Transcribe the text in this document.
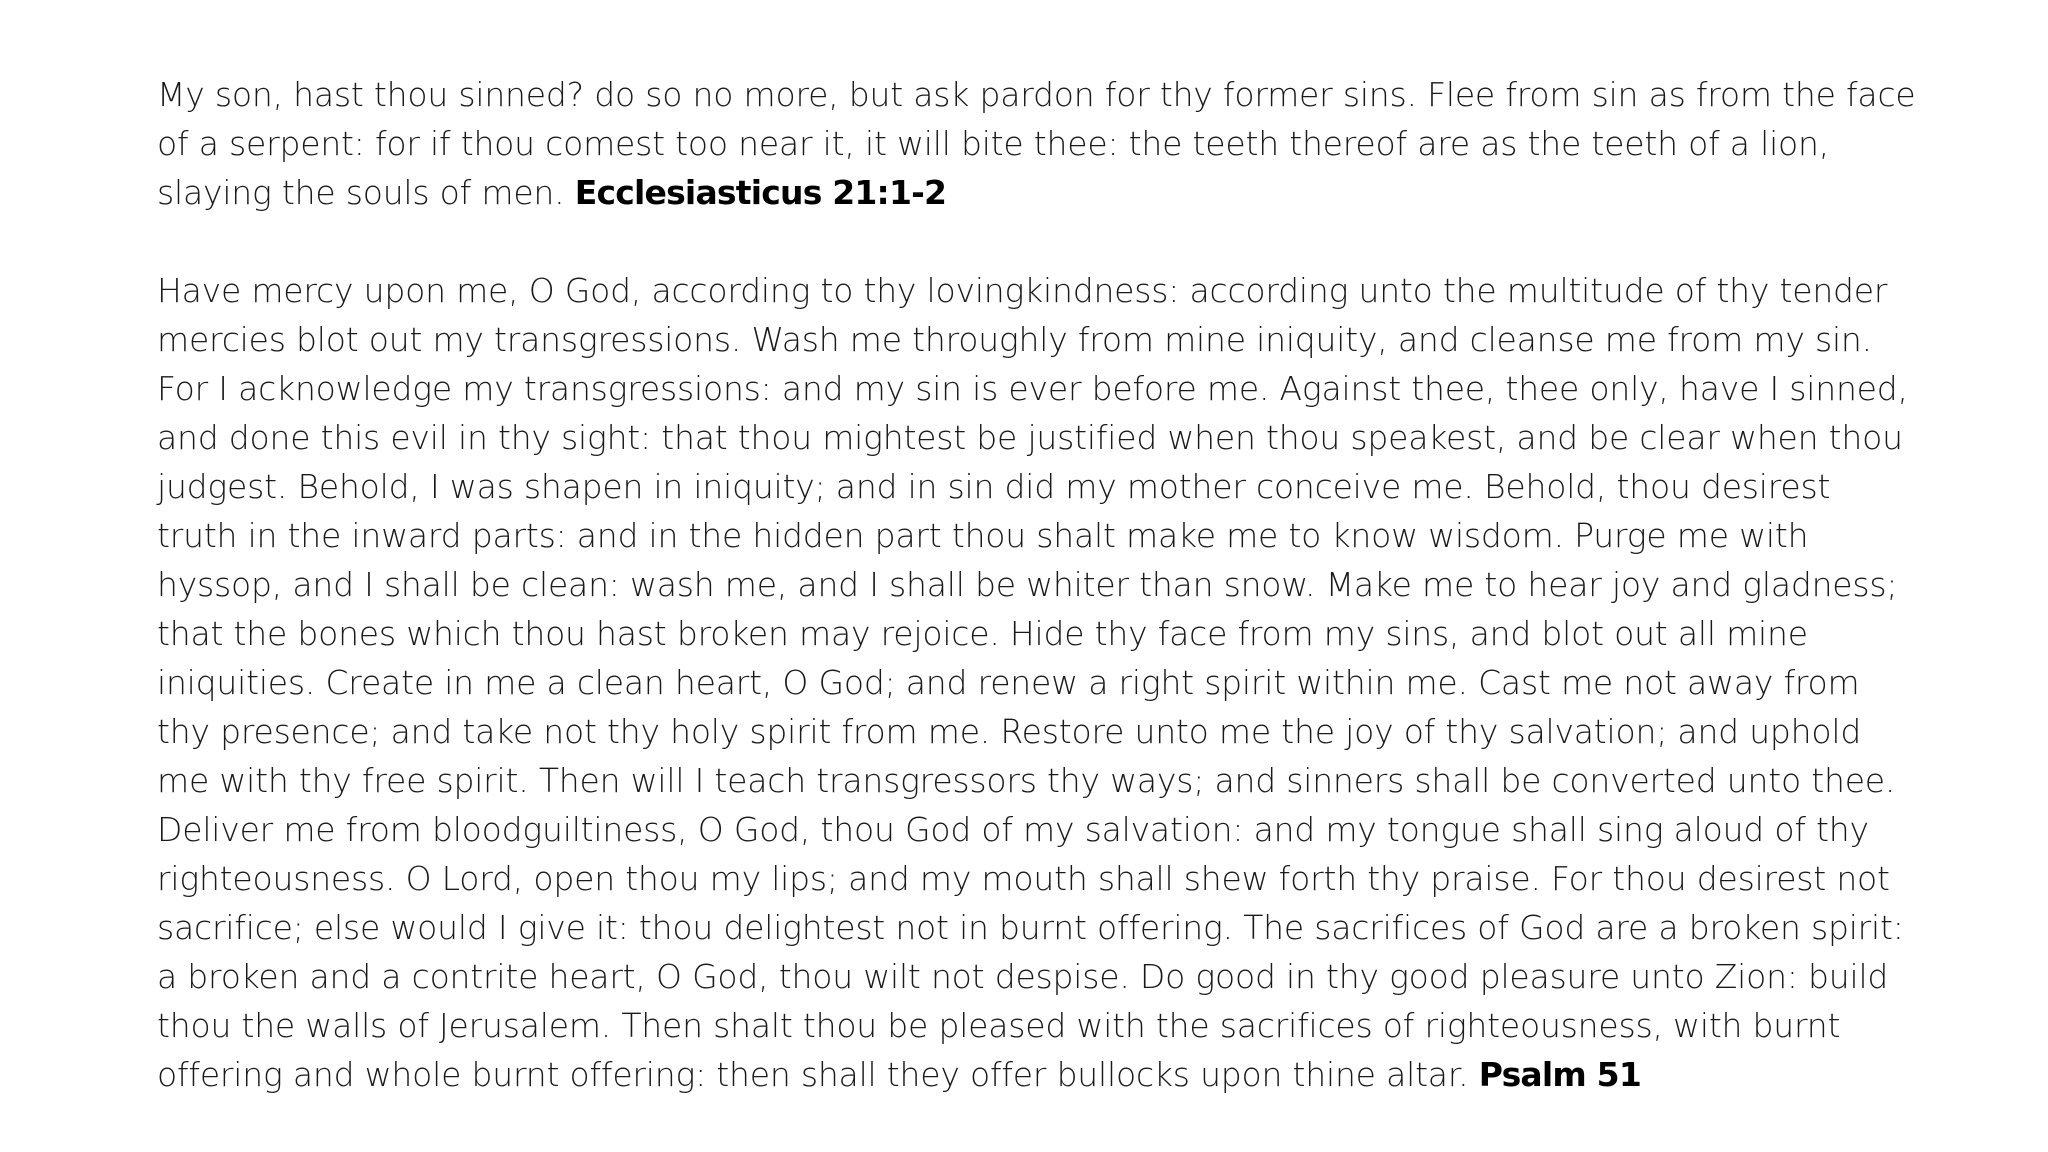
My son, hast thou sinned? do so no more, but ask pardon for thy former sins. Flee from sin as from the face of a serpent: for if thou comest too near it, it will bite thee: the teeth thereof are as the teeth of a lion, slaying the souls of men. Ecclesiasticus 21:1-2

Have mercy upon me, O God, according to thy lovingkindness: according unto the multitude of thy tender mercies blot out my transgressions. Wash me throughly from mine iniquity, and cleanse me from my sin. For I acknowledge my transgressions: and my sin is ever before me. Against thee, thee only, have I sinned, and done this evil in thy sight: that thou mightest be justified when thou speakest, and be clear when thou judgest. Behold, I was shapen in iniquity; and in sin did my mother conceive me. Behold, thou desirest truth in the inward parts: and in the hidden part thou shalt make me to know wisdom. Purge me with hyssop, and I shall be clean: wash me, and I shall be whiter than snow. Make me to hear joy and gladness; that the bones which thou hast broken may rejoice. Hide thy face from my sins, and blot out all mine iniquities. Create in me a clean heart, O God; and renew a right spirit within me. Cast me not away from thy presence; and take not thy holy spirit from me. Restore unto me the joy of thy salvation; and uphold me with thy free spirit. Then will I teach transgressors thy ways; and sinners shall be converted unto thee. Deliver me from bloodguiltiness, O God, thou God of my salvation: and my tongue shall sing aloud of thy righteousness. O Lord, open thou my lips; and my mouth shall shew forth thy praise. For thou desirest not sacrifice; else would I give it: thou delightest not in burnt offering. The sacrifices of God are a broken spirit: a broken and a contrite heart, O God, thou wilt not despise. Do good in thy good pleasure unto Zion: build thou the walls of Jerusalem. Then shalt thou be pleased with the sacrifices of righteousness, with burnt offering and whole burnt offering: then shall they offer bullocks upon thine altar. Psalm 51
